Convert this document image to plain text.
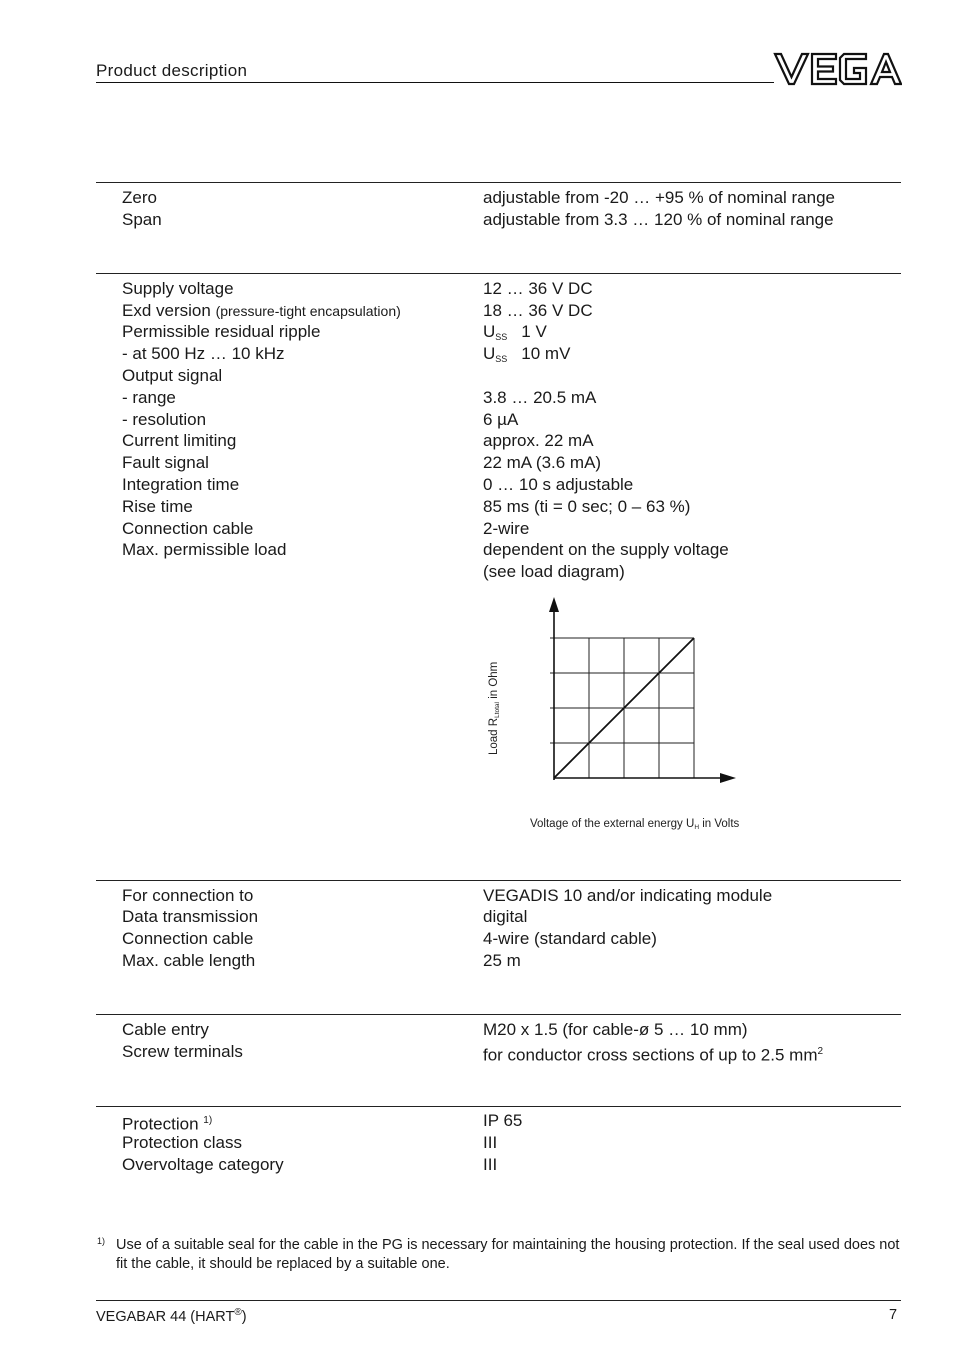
Product description
Zero	adjustable from -20 … +95 % of nominal range
Span	adjustable from 3.3 … 120 % of nominal range
Supply voltage	12 … 36 V DC
Exd version (pressure-tight encapsulation)	18 … 36 V DC
Permissible residual ripple	$U_{SS}$ 1 V
- at 500 Hz … 10 kHz	$U_{SS}$ 10 mV
Output signal
- range	3.8 … 20.5 mA
- resolution	6 µA
Current limiting	approx. 22 mA
Fault signal	22 mA (3.6 mA)
Integration time	0 … 10 s adjustable
Rise time	85 ms (ti = 0 sec; 0 – 63 %)
Connection cable	2-wire
Max. permissible load	dependent on the supply voltage
(see load diagram)
Load RLtotal in Ohm
Voltage of the external energy UH in Volts
For connection to	VEGADIS 10 and/or indicating module
Data transmission	digital
Connection cable	4-wire (standard cable)
Max. cable length	25 m
Cable entry	M20 x 1.5 (for cable-ø 5 … 10 mm)
Screw terminals	for conductor cross sections of up to 2.5 $mm^2$
Protection $^{1)}$	IP 65
Protection class	III
Overvoltage category	III
1) Use of a suitable seal for the cable in the PG is necessary for maintaining the housing protection. If the seal used does not fit the cable, it should be replaced by a suitable one.
VEGABAR 44 (HART®)	7
